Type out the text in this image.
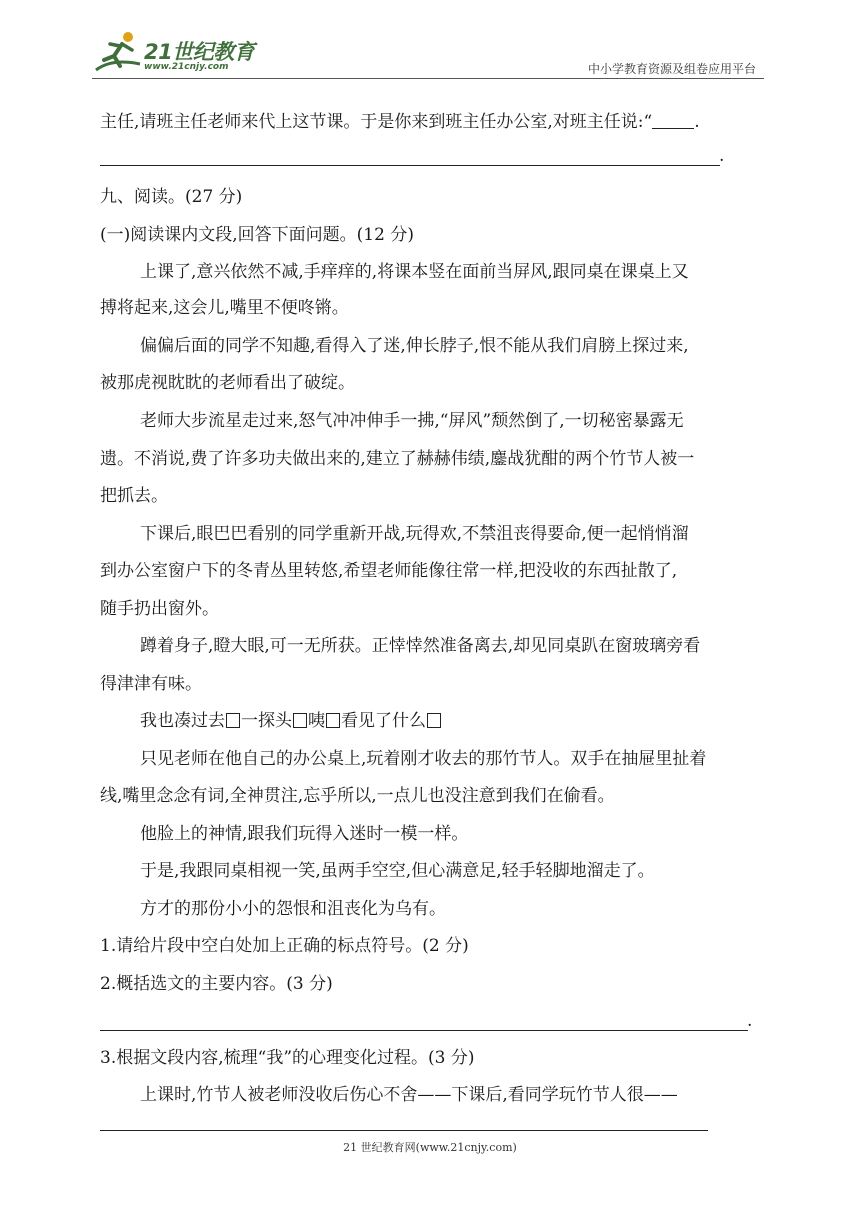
21世纪教育
www.21cnjy.com	中小学教育资源及组卷应用平台
主任,请班主任老师来代上这节课。于是你来到班主任办公室,对班主任说:“ .
.
九、阅读。(27 分)
(一)阅读课内文段,回答下面问题。(12 分)
上课了,意兴依然不减,手痒痒的,将课本竖在面前当屏风,跟同桌在课桌上又
搏将起来,这会儿,嘴里不便咚锵。
偏偏后面的同学不知趣,看得入了迷,伸长脖子,恨不能从我们肩膀上探过来,
被那虎视眈眈的老师看出了破绽。
老师大步流星走过来,怒气冲冲伸手一拂,“屏风”颓然倒了,一切秘密暴露无
遗。不消说,费了许多功夫做出来的,建立了赫赫伟绩,鏖战犹酣的两个竹节人被一
把抓去。
下课后,眼巴巴看别的同学重新开战,玩得欢,不禁沮丧得要命,便一起悄悄溜
到办公室窗户下的冬青丛里转悠,希望老师能像往常一样,把没收的东西扯散了,
随手扔出窗外。
蹲着身子,瞪大眼,可一无所获。正悻悻然准备离去,却见同桌趴在窗玻璃旁看
得津津有味。
我也凑过去 一探头 咦 看见了什么
只见老师在他自己的办公桌上,玩着刚才收去的那竹节人。双手在抽屉里扯着
线,嘴里念念有词,全神贯注,忘乎所以,一点儿也没注意到我们在偷看。
他脸上的神情,跟我们玩得入迷时一模一样。
于是,我跟同桌相视一笑,虽两手空空,但心满意足,轻手轻脚地溜走了。
方才的那份小小的怨恨和沮丧化为乌有。
1.请给片段中空白处加上正确的标点符号。(2 分)
2.概括选文的主要内容。(3 分)
.
3.根据文段内容,梳理“我”的心理变化过程。(3 分)
上课时,竹节人被老师没收后伤心不舍——下课后,看同学玩竹节人很——
21 世纪教育网(www.21cnjy.com)
